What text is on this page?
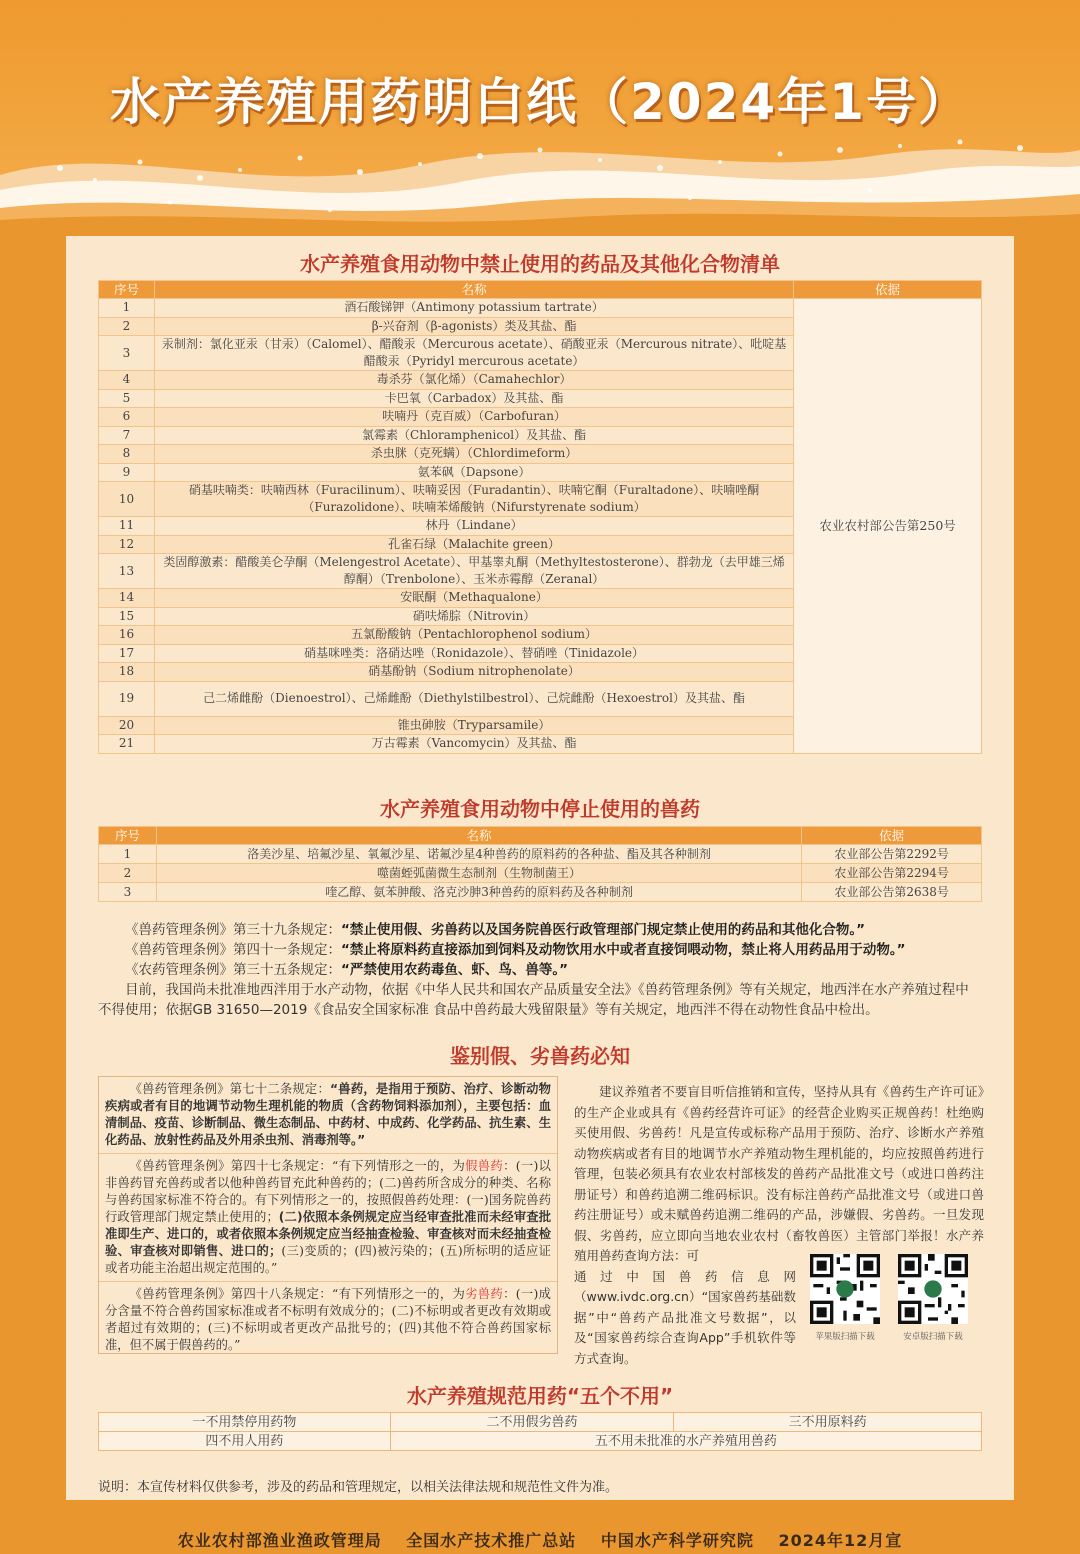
水产养殖用药明白纸（2024年1号）
水产养殖食用动物中禁止使用的药品及其他化合物清单
序号	名称	依据
1	酒石酸锑钾（Antimony potassium tartrate）	农业农村部公告第250号
2	β-兴奋剂（β-agonists）类及其盐、酯	
3	汞制剂：氯化亚汞（甘汞）（Calomel）、醋酸汞（Mercurous acetate）、硝酸亚汞（Mercurous nitrate）、吡啶基醋酸汞（Pyridyl mercurous acetate）	
4	毒杀芬（氯化烯）（Camahechlor）	
5	卡巴氧（Carbadox）及其盐、酯	
6	呋喃丹（克百威）（Carbofuran）	
7	氯霉素（Chloramphenicol）及其盐、酯	
8	杀虫脒（克死螨）（Chlordimeform）	
9	氨苯砜（Dapsone）	
10	硝基呋喃类：呋喃西林（Furacilinum）、呋喃妥因（Furadantin）、呋喃它酮（Furaltadone）、呋喃唑酮（Furazolidone）、呋喃苯烯酸钠（Nifurstyrenate sodium）	
11	林丹（Lindane）	
12	孔雀石绿（Malachite green）	
13	类固醇激素：醋酸美仑孕酮（Melengestrol Acetate）、甲基睾丸酮（Methyltestosterone）、群勃龙（去甲雄三烯醇酮）（Trenbolone）、玉米赤霉醇（Zeranal）	
14	安眠酮（Methaqualone）	
15	硝呋烯腙（Nitrovin）	
16	五氯酚酸钠（Pentachlorophenol sodium）	
17	硝基咪唑类：洛硝达唑（Ronidazole）、替硝唑（Tinidazole）	
18	硝基酚钠（Sodium nitrophenolate）	
19	己二烯雌酚（Dienoestrol）、己烯雌酚（Diethylstilbestrol）、己烷雌酚（Hexoestrol）及其盐、酯	
20	锥虫砷胺（Tryparsamile）	
21	万古霉素（Vancomycin）及其盐、酯	
水产养殖食用动物中停止使用的兽药
序号	名称	依据
1	洛美沙星、培氟沙星、氧氟沙星、诺氟沙星4种兽药的原料药的各种盐、酯及其各种制剂	农业部公告第2292号
2	噬菌蛭弧菌微生态制剂（生物制菌王）	农业部公告第2294号
3	喹乙醇、氨苯胂酸、洛克沙胂3种兽药的原料药及各种制剂	农业部公告第2638号

《兽药管理条例》第三十九条规定：“禁止使用假、劣兽药以及国务院兽医行政管理部门规定禁止使用的药品和其他化合物。”

《兽药管理条例》第四十一条规定：“禁止将原料药直接添加到饲料及动物饮用水中或者直接饲喂动物，禁止将人用药品用于动物。”

《农药管理条例》第三十五条规定：“严禁使用农药毒鱼、虾、鸟、兽等。”

目前，我国尚未批准地西泮用于水产动物，依据《中华人民共和国农产品质量安全法》《兽药管理条例》等有关规定，地西泮在水产养殖过程中不得使用；依据GB 31650—2019《食品安全国家标准 食品中兽药最大残留限量》等有关规定，地西泮不得在动物性食品中检出。

鉴别假、劣兽药必知
《兽药管理条例》第七十二条规定：“兽药，是指用于预防、治疗、诊断动物疾病或者有目的地调节动物生理机能的物质（含药物饲料添加剂），主要包括：血清制品、疫苗、诊断制品、微生态制品、中药材、中成药、化学药品、抗生素、生化药品、放射性药品及外用杀虫剂、消毒剂等。”
《兽药管理条例》第四十七条规定：“有下列情形之一的，为假兽药：(一)以非兽药冒充兽药或者以他种兽药冒充此种兽药的；(二)兽药所含成分的种类、名称与兽药国家标准不符合的。有下列情形之一的，按照假兽药处理：(一)国务院兽药行政管理部门规定禁止使用的；(二)依照本条例规定应当经审查批准而未经审查批准即生产、进口的，或者依照本条例规定应当经抽查检验、审查核对而未经抽查检验、审查核对即销售、进口的；(三)变质的；(四)被污染的；(五)所标明的适应证或者功能主治超出规定范围的。”
《兽药管理条例》第四十八条规定：“有下列情形之一的，为劣兽药：(一)成分含量不符合兽药国家标准或者不标明有效成分的；(二)不标明或者更改有效期或者超过有效期的；(三)不标明或者更改产品批号的；(四)其他不符合兽药国家标准，但不属于假兽药的。”

建议养殖者不要盲目听信推销和宣传，坚持从具有《兽药生产许可证》的生产企业或具有《兽药经营许可证》的经营企业购买正规兽药！杜绝购买使用假、劣兽药！凡是宣传或标称产品用于预防、治疗、诊断水产养殖动物疾病或者有目的地调节水产养殖动物生理机能的，均应按照兽药进行管理，包装必须具有农业农村部核发的兽药产品批准文号（或进口兽药注册证号）和兽药追溯二维码标识。没有标注兽药产品批准文号（或进口兽药注册证号）或未赋兽药追溯二维码的产品，涉嫌假、劣兽药。一旦发现假、劣兽药，应立即向当地农业农村（畜牧兽医）主管部门举报！水产养殖用兽药查询方法：可

通过中国兽药信息网（www.ivdc.org.cn）“国家兽药基础数据”中“兽药产品批准文号数据”，以及“国家兽药综合查询App”手机软件等方式查询。

苹果版扫描下载	安卓版扫描下载
水产养殖规范用药“五个不用”
一不用禁停用药物	二不用假劣兽药	三不用原料药
四不用人用药	五不用未批准的水产养殖用兽药	
说明：本宣传材料仅供参考，涉及的药品和管理规定，以相关法律法规和规范性文件为准。
农业农村部渔业渔政管理局 全国水产技术推广总站 中国水产科学研究院 2024年12月宣
